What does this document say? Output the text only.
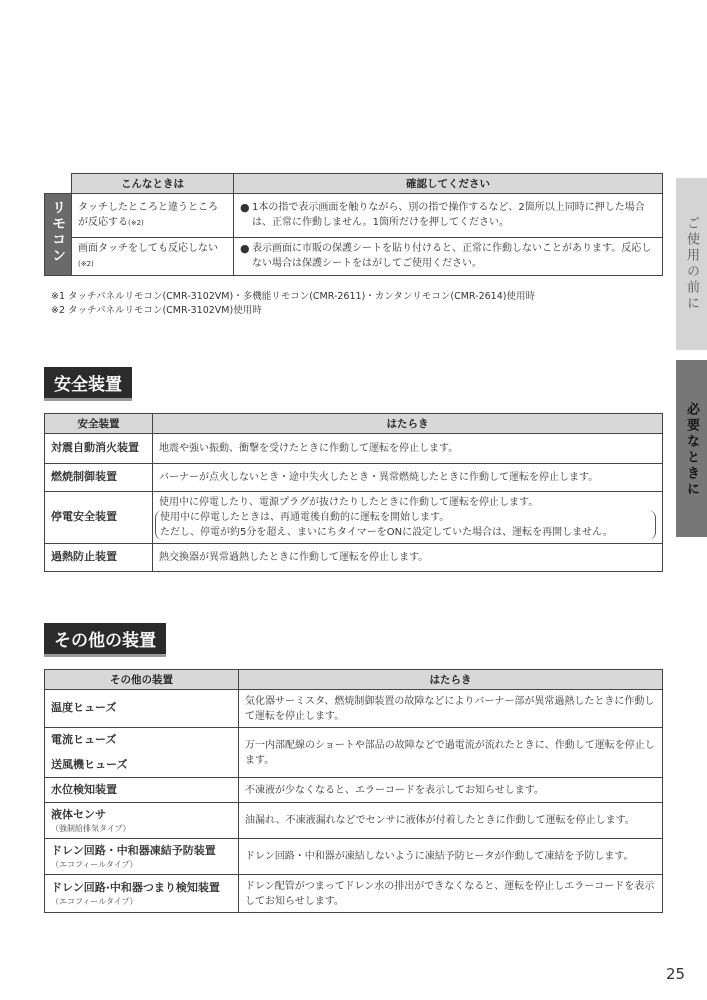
	こんなときは	確認してください
リモコン	タッチしたところと違うところが反応する(※2)	● 1本の指で表示画面を触りながら、別の指で操作するなど、2箇所以上同時に押した場合は、正常に作動しません。1箇所だけを押してください。

	画面タッチをしても反応しない(※2)	● 表示画面に市販の保護シートを貼り付けると、正常に作動しないことがあります。反応しない場合は保護シートをはがしてご使用ください。
※1 タッチパネルリモコン(CMR-3102VM)・多機能リモコン(CMR-2611)・カンタンリモコン(CMR-2614)使用時
※2 タッチパネルリモコン(CMR-3102VM)使用時
安全装置
安全装置	はたらき
対震自動消火装置	地震や強い振動、衝撃を受けたときに作動して運転を停止します。
燃焼制御装置	バーナーが点火しないとき・途中失火したとき・異常燃焼したときに作動して運転を停止します。
停電安全装置	使用中に停電したり、電源プラグが抜けたりしたときに作動して運転を停止します。
使用中に停電したときは、再通電後自動的に運転を開始します。
ただし、停電が約5分を超え、まいにちタイマーをONに設定していた場合は、運転を再開しません。

過熱防止装置	熱交換器が異常過熱したときに作動して運転を停止します。
その他の装置
その他の装置	はたらき
温度ヒューズ	気化器サーミスタ、燃焼制御装置の故障などによりバーナー部が異常過熱したときに作動して運転を停止します。
電流ヒューズ	万一内部配線のショートや部品の故障などで過電流が流れたときに、作動して運転を停止します。
送風機ヒューズ	
水位検知装置	不凍液が少なくなると、エラーコードを表示してお知らせします。
液体センサ
（強制給排気タイプ）	油漏れ、不凍液漏れなどでセンサに液体が付着したときに作動して運転を停止します。
ドレン回路・中和器凍結予防装置
（エコフィールタイプ）	ドレン回路・中和器が凍結しないように凍結予防ヒータが作動して凍結を予防します。
ドレン回路·中和器つまり検知装置
（エコフィールタイプ）	ドレン配管がつまってドレン水の排出ができなくなると、運転を停止しエラーコードを表示してお知らせします。
ご使用の前に
必要なときに
25
